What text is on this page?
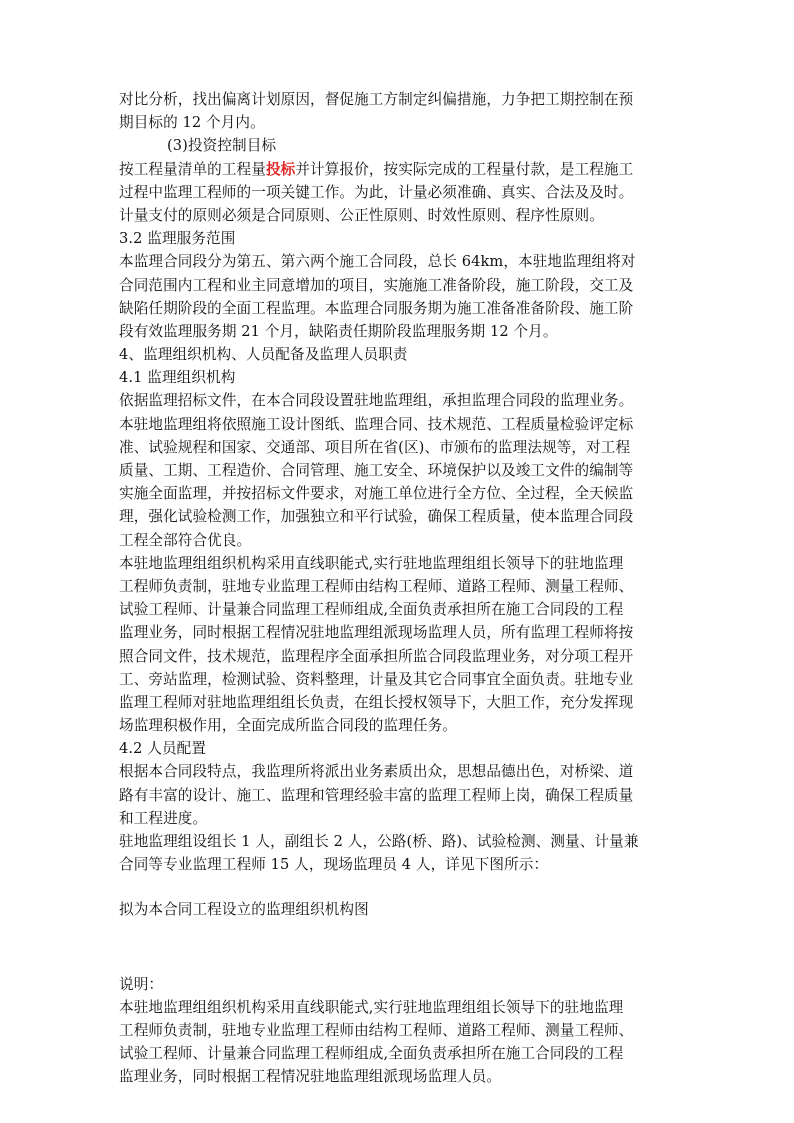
对比分析，找出偏离计划原因，督促施工方制定纠偏措施，力争把工期控制在预
期目标的 12 个月内。
(3)投资控制目标
按工程量清单的工程量投标并计算报价，按实际完成的工程量付款，是工程施工
过程中监理工程师的一项关键工作。为此，计量必须准确、真实、合法及及时。
计量支付的原则必须是合同原则、公正性原则、时效性原则、程序性原则。
3.2 监理服务范围
本监理合同段分为第五、第六两个施工合同段，总长 64km，本驻地监理组将对
合同范围内工程和业主同意增加的项目，实施施工准备阶段，施工阶段，交工及
缺陷任期阶段的全面工程监理。本监理合同服务期为施工准备准备阶段、施工阶
段有效监理服务期 21 个月，缺陷责任期阶段监理服务期 12 个月。
4、监理组织机构、人员配备及监理人员职责
4.1 监理组织机构
依据监理招标文件，在本合同段设置驻地监理组，承担监理合同段的监理业务。
本驻地监理组将依照施工设计图纸、监理合同、技术规范、工程质量检验评定标
准、试验规程和国家、交通部、项目所在省(区)、市颁布的监理法规等，对工程
质量、工期、工程造价、合同管理、施工安全、环境保护以及竣工文件的编制等
实施全面监理，并按招标文件要求，对施工单位进行全方位、全过程，全天候监
理，强化试验检测工作，加强独立和平行试验，确保工程质量，使本监理合同段
工程全部符合优良。
本驻地监理组组织机构采用直线职能式,实行驻地监理组组长领导下的驻地监理
工程师负责制，驻地专业监理工程师由结构工程师、道路工程师、测量工程师、
试验工程师、计量兼合同监理工程师组成,全面负责承担所在施工合同段的工程
监理业务，同时根据工程情况驻地监理组派现场监理人员，所有监理工程师将按
照合同文件，技术规范，监理程序全面承担所监合同段监理业务，对分项工程开
工、旁站监理，检测试验、资料整理，计量及其它合同事宜全面负责。驻地专业
监理工程师对驻地监理组组长负责，在组长授权领导下，大胆工作，充分发挥现
场监理积极作用，全面完成所监合同段的监理任务。
4.2 人员配置
根据本合同段特点，我监理所将派出业务素质出众，思想品德出色，对桥梁、道
路有丰富的设计、施工、监理和管理经验丰富的监理工程师上岗，确保工程质量
和工程进度。
驻地监理组设组长 1 人，副组长 2 人，公路(桥、路)、试验检测、测量、计量兼
合同等专业监理工程师 15 人，现场监理员 4 人，详见下图所示：
拟为本合同工程设立的监理组织机构图
说明：
本驻地监理组组织机构采用直线职能式,实行驻地监理组组长领导下的驻地监理
工程师负责制，驻地专业监理工程师由结构工程师、道路工程师、测量工程师、
试验工程师、计量兼合同监理工程师组成,全面负责承担所在施工合同段的工程
监理业务，同时根据工程情况驻地监理组派现场监理人员。
